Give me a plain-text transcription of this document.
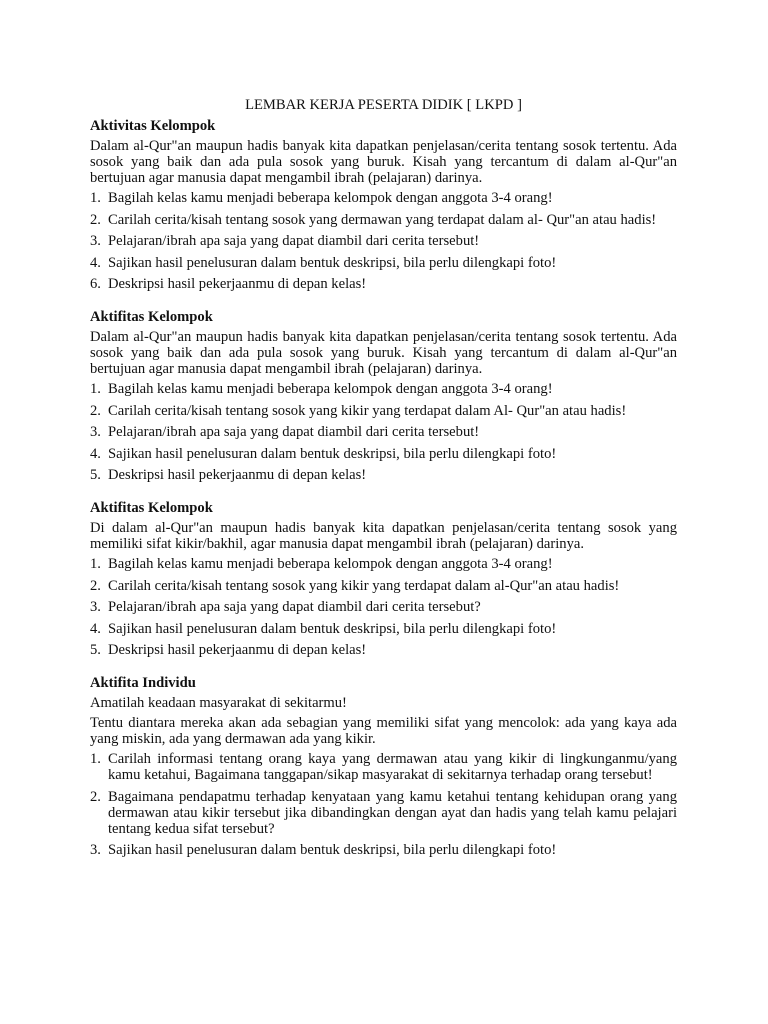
LEMBAR KERJA PESERTA DIDIK [ LKPD ]
Aktivitas Kelompok

Dalam al-Qur"an maupun hadis banyak kita dapatkan penjelasan/cerita tentang sosok tertentu. Ada sosok yang baik dan ada pula sosok yang buruk. Kisah yang tercantum di dalam al-Qur"an bertujuan agar manusia dapat mengambil ibrah (pelajaran) darinya.

1. Bagilah kelas kamu menjadi beberapa kelompok dengan anggota 3-4 orang!
2. Carilah cerita/kisah tentang sosok yang dermawan yang terdapat dalam al- Qur"an atau hadis!
3. Pelajaran/ibrah apa saja yang dapat diambil dari cerita tersebut!
4. Sajikan hasil penelusuran dalam bentuk deskripsi, bila perlu dilengkapi foto!
6. Deskripsi hasil pekerjaanmu di depan kelas!
Aktifitas Kelompok

Dalam al-Qur"an maupun hadis banyak kita dapatkan penjelasan/cerita tentang sosok tertentu. Ada sosok yang baik dan ada pula sosok yang buruk. Kisah yang tercantum di dalam al-Qur"an bertujuan agar manusia dapat mengambil ibrah (pelajaran) darinya.

1. Bagilah kelas kamu menjadi beberapa kelompok dengan anggota 3-4 orang!
2. Carilah cerita/kisah tentang sosok yang kikir yang terdapat dalam Al- Qur"an atau hadis!
3. Pelajaran/ibrah apa saja yang dapat diambil dari cerita tersebut!
4. Sajikan hasil penelusuran dalam bentuk deskripsi, bila perlu dilengkapi foto!
5. Deskripsi hasil pekerjaanmu di depan kelas!
Aktifitas Kelompok

Di dalam al-Qur"an maupun hadis banyak kita dapatkan penjelasan/cerita tentang sosok yang memiliki sifat kikir/bakhil, agar manusia dapat mengambil ibrah (pelajaran) darinya.

1. Bagilah kelas kamu menjadi beberapa kelompok dengan anggota 3-4 orang!
2. Carilah cerita/kisah tentang sosok yang kikir yang terdapat dalam al-Qur"an atau hadis!
3. Pelajaran/ibrah apa saja yang dapat diambil dari cerita tersebut?
4. Sajikan hasil penelusuran dalam bentuk deskripsi, bila perlu dilengkapi foto!
5. Deskripsi hasil pekerjaanmu di depan kelas!
Aktifita Individu

Amatilah keadaan masyarakat di sekitarmu!

Tentu diantara mereka akan ada sebagian yang memiliki sifat yang mencolok: ada yang kaya ada yang miskin, ada yang dermawan ada yang kikir.

1. Carilah informasi tentang orang kaya yang dermawan atau yang kikir di lingkunganmu/yang kamu ketahui, Bagaimana tanggapan/sikap masyarakat di sekitarnya terhadap orang tersebut!
2. Bagaimana pendapatmu terhadap kenyataan yang kamu ketahui tentang kehidupan orang yang dermawan atau kikir tersebut jika dibandingkan dengan ayat dan hadis yang telah kamu pelajari tentang kedua sifat tersebut?
3. Sajikan hasil penelusuran dalam bentuk deskripsi, bila perlu dilengkapi foto!
